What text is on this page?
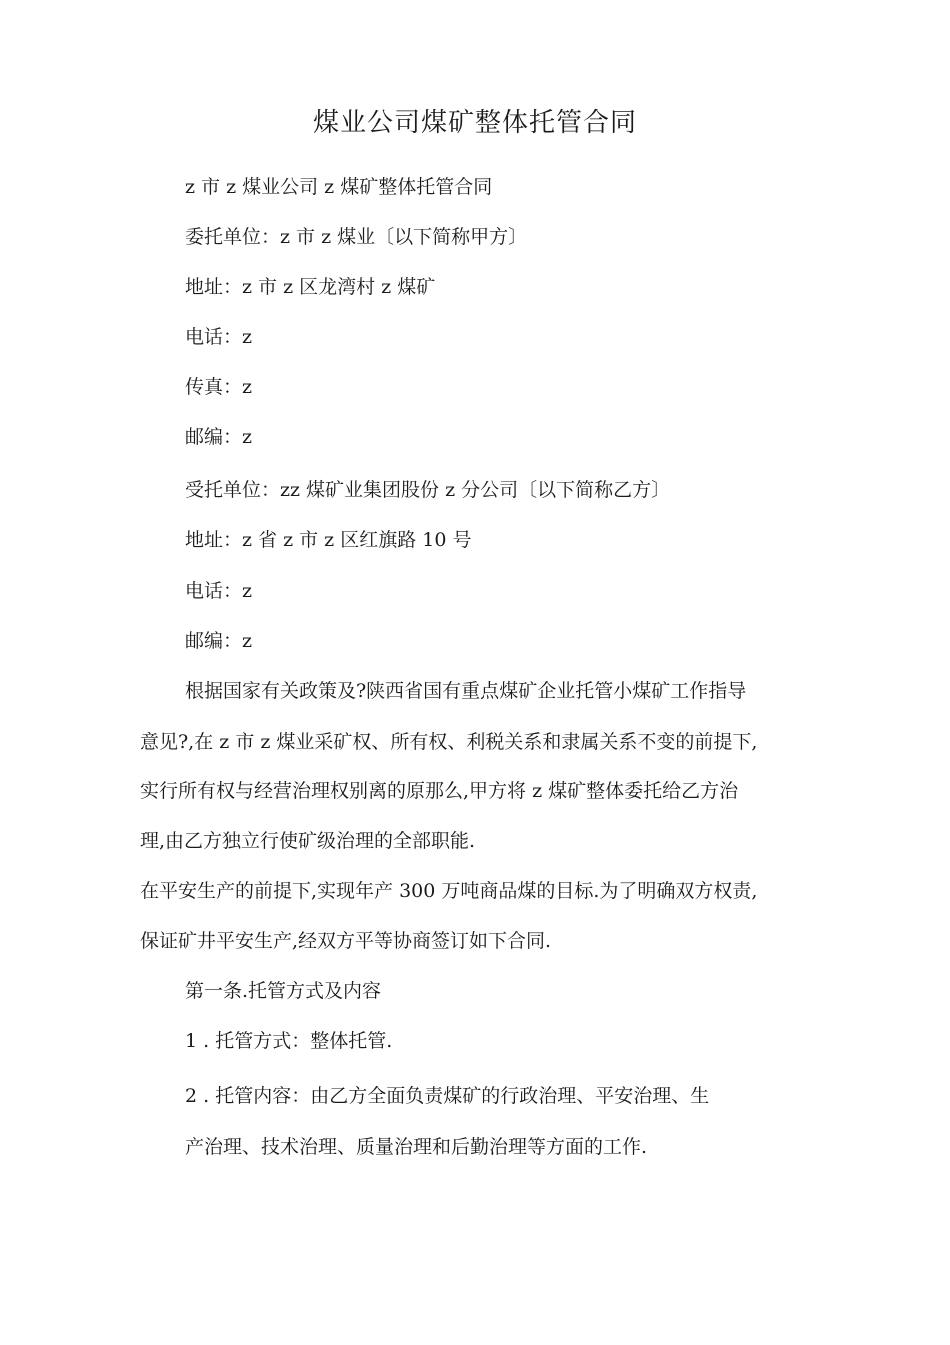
煤业公司煤矿整体托管合同
z 市 z 煤业公司 z 煤矿整体托管合同
委托单位：z 市 z 煤业〔以下简称甲方〕
地址：z 市 z 区龙湾村 z 煤矿
电话：z
传真：z
邮编：z
受托单位：zz 煤矿业集团股份 z 分公司〔以下简称乙方〕
地址：z 省 z 市 z 区红旗路 10 号
电话：z
邮编：z
根据国家有关政策及?陕西省国有重点煤矿企业托管小煤矿工作指导
意见?,在 z 市 z 煤业采矿权、所有权、利税关系和隶属关系不变的前提下,
实行所有权与经营治理权别离的原那么,甲方将 z 煤矿整体委托给乙方治
理,由乙方独立行使矿级治理的全部职能.
在平安生产的前提下,实现年产 300 万吨商品煤的目标.为了明确双方权责,
保证矿井平安生产,经双方平等协商签订如下合同.
第一条.托管方式及内容
1 . 托管方式：整体托管.
2 . 托管内容：由乙方全面负责煤矿的行政治理、平安治理、生
产治理、技术治理、质量治理和后勤治理等方面的工作.
